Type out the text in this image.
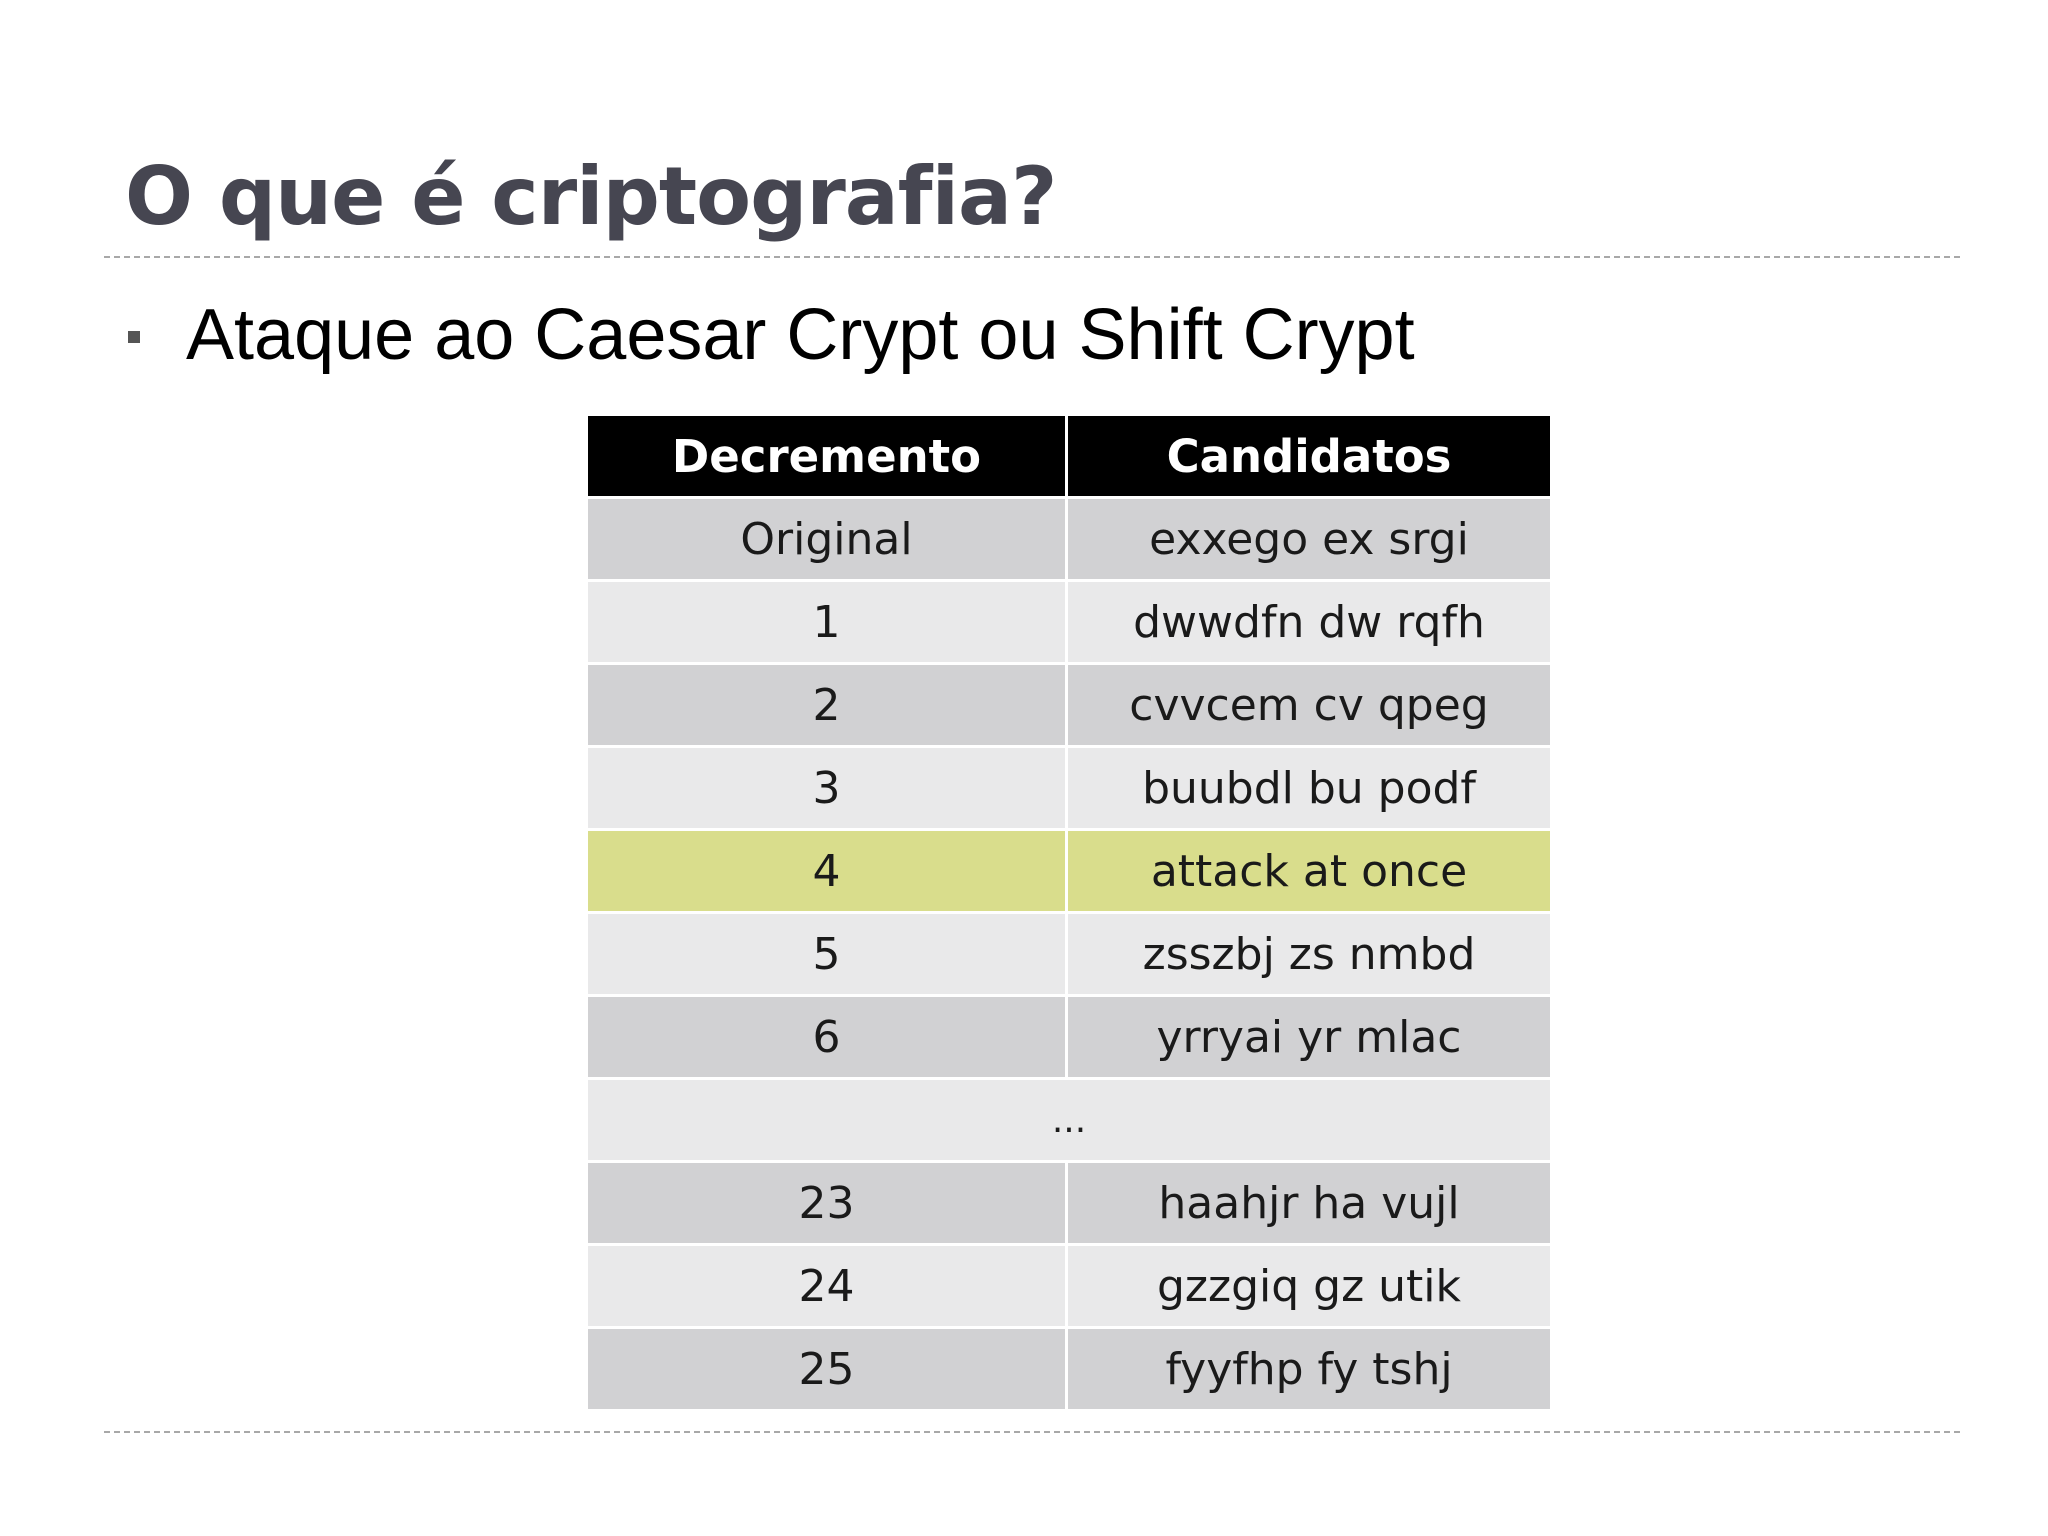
O que é criptografia?
Ataque ao Caesar Crypt ou Shift Crypt
Decremento	Candidatos
Original	exxego ex srgi
1	dwwdfn dw rqfh
2	cvvcem cv qpeg
3	buubdl bu podf
4	attack at once
5	zsszbj zs nmbd
6	yrryai yr mlac
...	
23	haahjr ha vujl
24	gzzgiq gz utik
25	fyyfhp fy tshj
